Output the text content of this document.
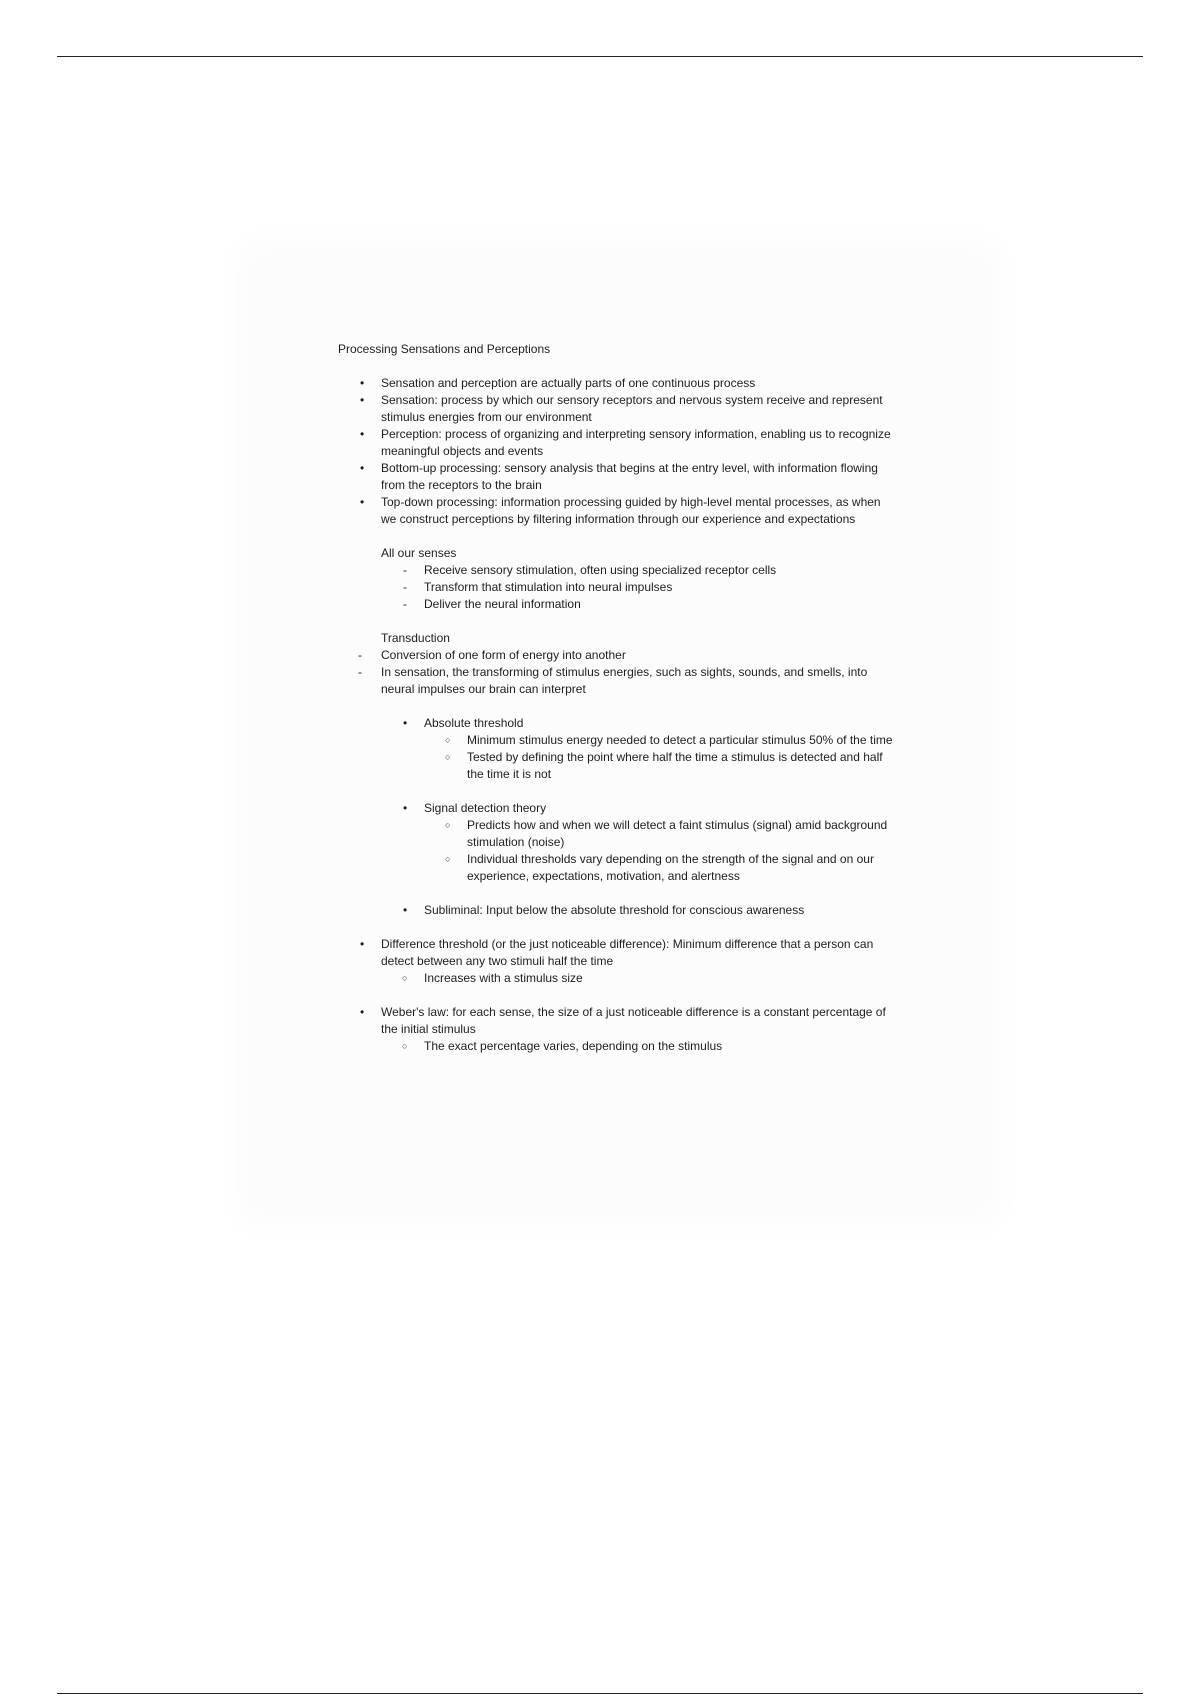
Processing Sensations and Perceptions
• Sensation and perception are actually parts of one continuous process
• Sensation: process by which our sensory receptors and nervous system receive and represent stimulus energies from our environment
• Perception: process of organizing and interpreting sensory information, enabling us to recognize meaningful objects and events
• Bottom-up processing: sensory analysis that begins at the entry level, with information flowing from the receptors to the brain
• Top-down processing: information processing guided by high-level mental processes, as when we construct perceptions by filtering information through our experience and expectations
All our senses
- Receive sensory stimulation, often using specialized receptor cells
- Transform that stimulation into neural impulses
- Deliver the neural information
Transduction
- Conversion of one form of energy into another
- In sensation, the transforming of stimulus energies, such as sights, sounds, and smells, into neural impulses our brain can interpret
• Absolute threshold
○ Minimum stimulus energy needed to detect a particular stimulus 50% of the time
○ Tested by defining the point where half the time a stimulus is detected and half the time it is not
• Signal detection theory
○ Predicts how and when we will detect a faint stimulus (signal) amid background stimulation (noise)
○ Individual thresholds vary depending on the strength of the signal and on our experience, expectations, motivation, and alertness
• Subliminal: Input below the absolute threshold for conscious awareness
• Difference threshold (or the just noticeable difference): Minimum difference that a person can detect between any two stimuli half the time
○ Increases with a stimulus size
• Weber's law: for each sense, the size of a just noticeable difference is a constant percentage of the initial stimulus
○ The exact percentage varies, depending on the stimulus
